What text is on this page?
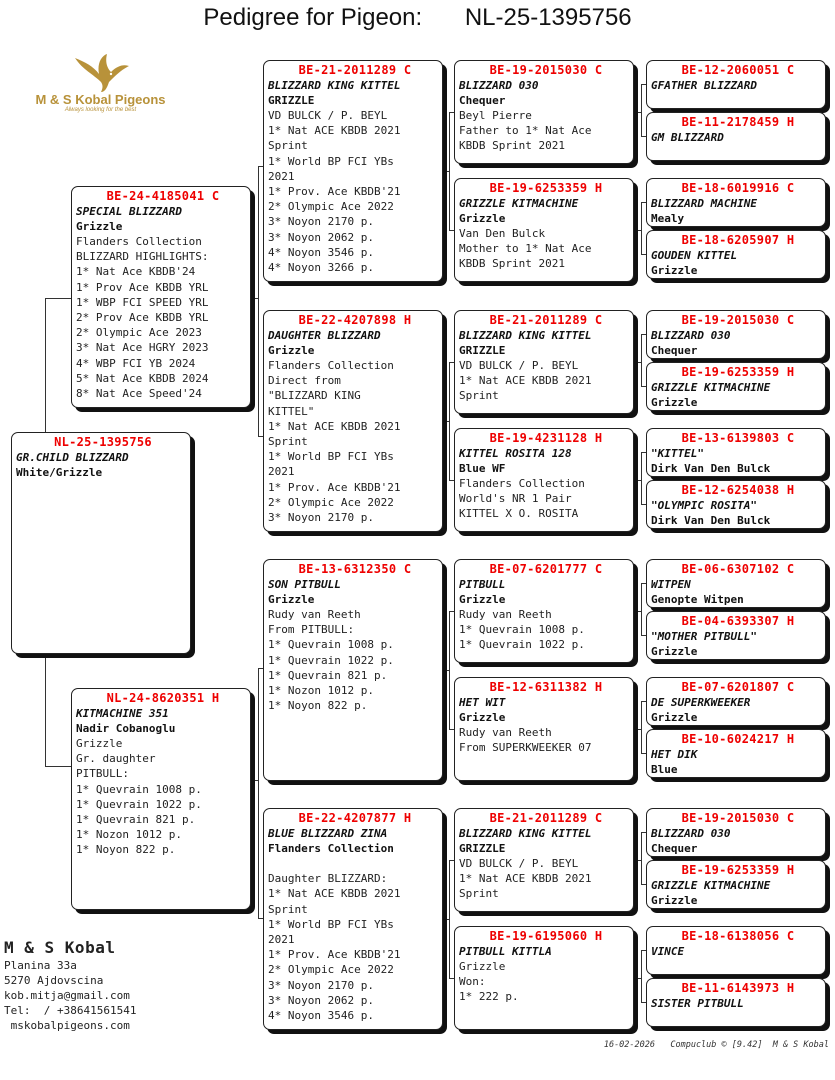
Pedigree for Pigeon: NL-25-1395756
M & S Kobal Pigeons
Always looking for the best
NL-25-1395756
GR.CHILD BLIZZARD
White/Grizzle
BE-24-4185041 C
SPECIAL BLIZZARD
Grizzle
Flanders Collection
BLIZZARD HIGHLIGHTS:
1* Nat Ace KBDB'24
1* Prov Ace KBDB YRL
1* WBP FCI SPEED YRL
2* Prov Ace KBDB YRL
2* Olympic Ace 2023
3* Nat Ace HGRY 2023
4* WBP FCI YB 2024
5* Nat Ace KBDB 2024
8* Nat Ace Speed'24
NL-24-8620351 H
KITMACHINE 351
Nadir Cobanoglu
Grizzle
Gr. daughter
PITBULL:
1* Quevrain 1008 p.
1* Quevrain 1022 p.
1* Quevrain 821 p.
1* Nozon 1012 p.
1* Noyon 822 p.
M & S Kobal
Planina 33a
5270 Ajdovscina
kob.mitja@gmail.com
Tel:  / +38641561541
mskobalpigeons.com
16-02-2026   Compuclub © [9.42]  M & S Kobal
BE-21-2011289 C
BLIZZARD KING KITTEL
GRIZZLE
VD BULCK / P. BEYL
1* Nat ACE KBDB 2021
Sprint
1* World BP FCI YBs
2021
1* Prov. Ace KBDB'21
2* Olympic Ace 2022
3* Noyon 2170 p.
3* Noyon 2062 p.
4* Noyon 3546 p.
4* Noyon 3266 p.
BE-22-4207898 H
DAUGHTER BLIZZARD
Grizzle
Flanders Collection
Direct from
"BLIZZARD KING
KITTEL"
1* Nat ACE KBDB 2021
Sprint
1* World BP FCI YBs
2021
1* Prov. Ace KBDB'21
2* Olympic Ace 2022
3* Noyon 2170 p.
BE-13-6312350 C
SON PITBULL
Grizzle
Rudy van Reeth
From PITBULL:
1* Quevrain 1008 p.
1* Quevrain 1022 p.
1* Quevrain 821 p.
1* Nozon 1012 p.
1* Noyon 822 p.
BE-22-4207877 H
BLUE BLIZZARD ZINA
Flanders Collection
Daughter BLIZZARD:
1* Nat ACE KBDB 2021
Sprint
1* World BP FCI YBs
2021
1* Prov. Ace KBDB'21
2* Olympic Ace 2022
3* Noyon 2170 p.
3* Noyon 2062 p.
4* Noyon 3546 p.
BE-19-2015030 C
BLIZZARD 030
Chequer
Beyl Pierre
Father to 1* Nat Ace
KBDB Sprint 2021
BE-19-6253359 H
GRIZZLE KITMACHINE
Grizzle
Van Den Bulck
Mother to 1* Nat Ace
KBDB Sprint 2021
BE-21-2011289 C
BLIZZARD KING KITTEL
GRIZZLE
VD BULCK / P. BEYL
1* Nat ACE KBDB 2021
Sprint
BE-19-4231128 H
KITTEL ROSITA 128
Blue WF
Flanders Collection
World's NR 1 Pair
KITTEL X O. ROSITA
BE-07-6201777 C
PITBULL
Grizzle
Rudy van Reeth
1* Quevrain 1008 p.
1* Quevrain 1022 p.
BE-12-6311382 H
HET WIT
Grizzle
Rudy van Reeth
From SUPERKWEEKER 07
BE-21-2011289 C
BLIZZARD KING KITTEL
GRIZZLE
VD BULCK / P. BEYL
1* Nat ACE KBDB 2021
Sprint
BE-19-6195060 H
PITBULL KITTLA
Grizzle
Won:
1* 222 p.
BE-12-2060051 C
GFATHER BLIZZARD
BE-11-2178459 H
GM BLIZZARD
BE-18-6019916 C
BLIZZARD MACHINE
Mealy
BE-18-6205907 H
GOUDEN KITTEL
Grizzle
BE-19-2015030 C
BLIZZARD 030
Chequer
BE-19-6253359 H
GRIZZLE KITMACHINE
Grizzle
BE-13-6139803 C
"KITTEL"
Dirk Van Den Bulck
BE-12-6254038 H
"OLYMPIC ROSITA"
Dirk Van Den Bulck
BE-06-6307102 C
WITPEN
Genopte Witpen
BE-04-6393307 H
"MOTHER PITBULL"
Grizzle
BE-07-6201807 C
DE SUPERKWEEKER
Grizzle
BE-10-6024217 H
HET DIK
Blue
BE-19-2015030 C
BLIZZARD 030
Chequer
BE-19-6253359 H
GRIZZLE KITMACHINE
Grizzle
BE-18-6138056 C
VINCE
BE-11-6143973 H
SISTER PITBULL
